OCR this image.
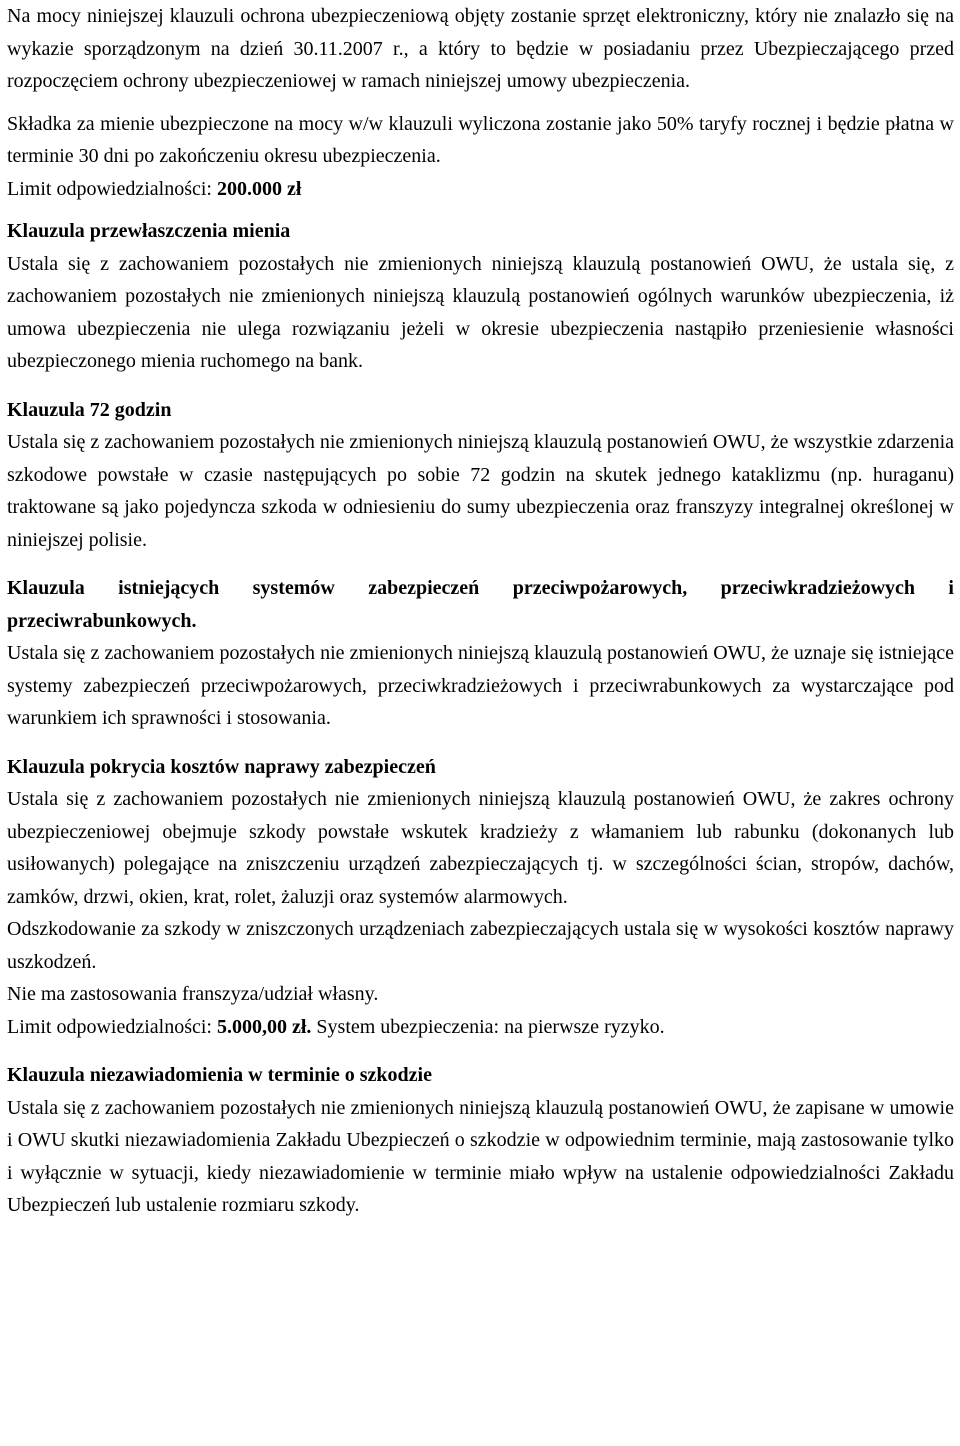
Na mocy niniejszej klauzuli ochrona ubezpieczeniową objęty zostanie sprzęt elektroniczny, który nie znalazło się na wykazie sporządzonym na dzień 30.11.2007 r., a który to będzie w posiadaniu przez Ubezpieczającego przed rozpoczęciem ochrony ubezpieczeniowej w ramach niniejszej umowy ubezpieczenia.

Składka za mienie ubezpieczone na mocy w/w klauzuli wyliczona zostanie jako 50% taryfy rocznej i będzie płatna w terminie 30 dni po zakończeniu okresu ubezpieczenia.

Limit odpowiedzialności: 200.000 zł

Klauzula przewłaszczenia mienia

Ustala się z zachowaniem pozostałych nie zmienionych niniejszą klauzulą postanowień OWU, że ustala się, z zachowaniem pozostałych nie zmienionych niniejszą klauzulą postanowień ogólnych warunków ubezpieczenia, iż umowa ubezpieczenia nie ulega rozwiązaniu jeżeli w okresie ubezpieczenia nastąpiło przeniesienie własności ubezpieczonego mienia ruchomego na bank.

Klauzula 72 godzin

Ustala się z zachowaniem pozostałych nie zmienionych niniejszą klauzulą postanowień OWU, że wszystkie zdarzenia szkodowe powstałe w czasie następujących po sobie 72 godzin na skutek jednego kataklizmu (np. huraganu) traktowane są jako pojedyncza szkoda w odniesieniu do sumy ubezpieczenia oraz franszyzy integralnej określonej w niniejszej polisie.

Klauzula istniejących systemów zabezpieczeń przeciwpożarowych, przeciwkradzieżowych i przeciwrabunkowych.

Ustala się z zachowaniem pozostałych nie zmienionych niniejszą klauzulą postanowień OWU, że uznaje się istniejące systemy zabezpieczeń przeciwpożarowych, przeciwkradzieżowych i przeciwrabunkowych za wystarczające pod warunkiem ich sprawności i stosowania.

Klauzula pokrycia kosztów naprawy zabezpieczeń

Ustala się z zachowaniem pozostałych nie zmienionych niniejszą klauzulą postanowień OWU, że zakres ochrony ubezpieczeniowej obejmuje szkody powstałe wskutek kradzieży z włamaniem lub rabunku (dokonanych lub usiłowanych) polegające na zniszczeniu urządzeń zabezpieczających tj. w szczególności ścian, stropów, dachów, zamków, drzwi, okien, krat, rolet, żaluzji oraz systemów alarmowych.

Odszkodowanie za szkody w zniszczonych urządzeniach zabezpieczających ustala się w wysokości kosztów naprawy uszkodzeń.

Nie ma zastosowania franszyza/udział własny.

Limit odpowiedzialności: 5.000,00 zł. System ubezpieczenia: na pierwsze ryzyko.

Klauzula niezawiadomienia w terminie o szkodzie

Ustala się z zachowaniem pozostałych nie zmienionych niniejszą klauzulą postanowień OWU, że zapisane w umowie i OWU skutki niezawiadomienia Zakładu Ubezpieczeń o szkodzie w odpowiednim terminie, mają zastosowanie tylko i wyłącznie w sytuacji, kiedy niezawiadomienie w terminie miało wpływ na ustalenie odpowiedzialności Zakładu Ubezpieczeń lub ustalenie rozmiaru szkody.
